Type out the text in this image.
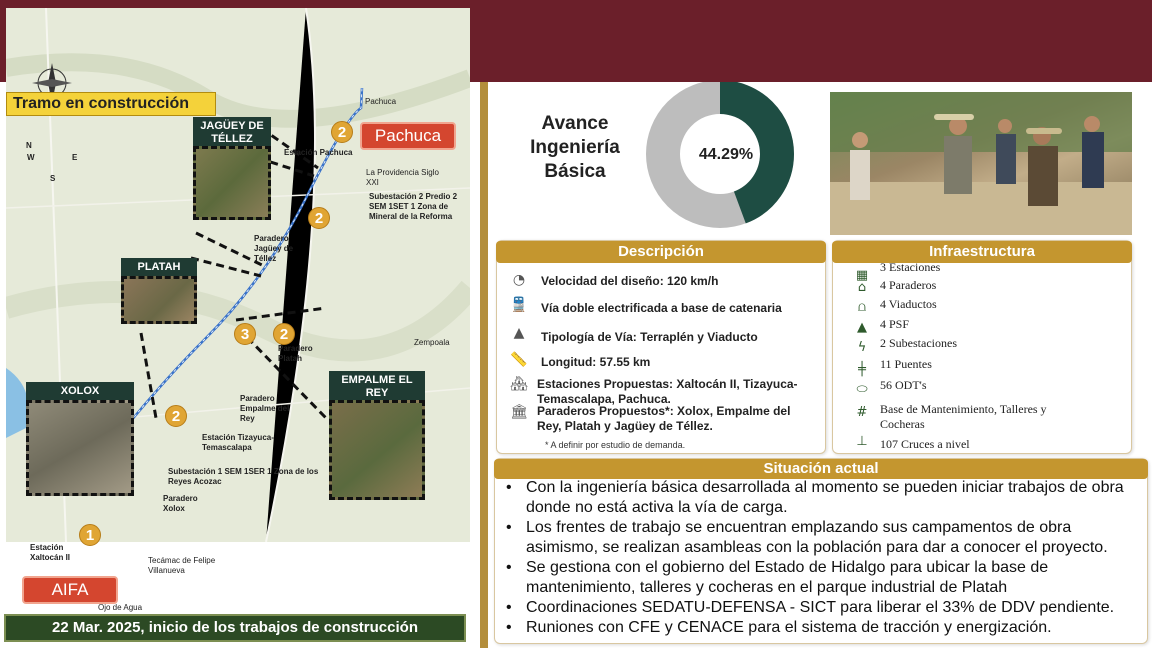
N
S
E
W
Tramo en construcción
JAGÜEY DE TÉLLEZ
PLATAH
XOLOX
EMPALME EL REY
Pachuca
AIFA
2
2
3	2
2
1
Pachuca
Estación Pachuca
La Providencia Siglo XXI
Subestación 2 Predio 2 SEM 1SET 1 Zona de Mineral de la Reforma
Paradero Jagüey de Téllez
Paradero Platah
Zempoala
Paradero Empalme del Rey
Estación Tizayuca-Temascalapa
Subestación 1 SEM 1SER 1 Zona de los Reyes Acozac
Paradero Xolox
Estación Xaltocán II	Tecámac de Felipe Villanueva
Ojo de Agua
22 Mar. 2025, inicio de los trabajos de construcción
Avance Ingeniería Básica
44.29%
Descripción
◔	Velocidad del diseño: 120 km/h
🚆 Vía doble electrificada a base de catenaria
▲	Tipología de Vía: Terraplén y Viaducto
📏 Longitud: 57.55 km
🏘 Estaciones Propuestas: Xaltocán II, Tizayuca-Temascalapa, Pachuca.
🏛 Paraderos Propuestos*: Xolox, Empalme del Rey, Platah y Jagüey de Téllez.
* A definir por estudio de demanda.
Infraestructura
▦
3 Estaciones
⌂	4 Paraderos
⩍	4 Viaductos
▲	4 PSF
ϟ	2 Subestaciones
╪	11 Puentes
⬭	56 ODT's
#	Base de Mantenimiento, Talleres y Cocheras
⊥	107 Cruces a nivel
Situación actual
• Con la ingeniería básica desarrollada al momento se pueden iniciar trabajos de obra donde no está activa la vía de carga.
• Los frentes de trabajo se encuentran emplazando sus campamentos de obra asimismo, se realizan asambleas con la población para dar a conocer el proyecto.
• Se gestiona con el gobierno del Estado de Hidalgo para ubicar la base de mantenimiento, talleres y cocheras en el parque industrial de Platah
• Coordinaciones SEDATU-DEFENSA - SICT para liberar el 33% de DDV pendiente.
• Runiones con CFE y CENACE para el sistema de tracción y energización.
